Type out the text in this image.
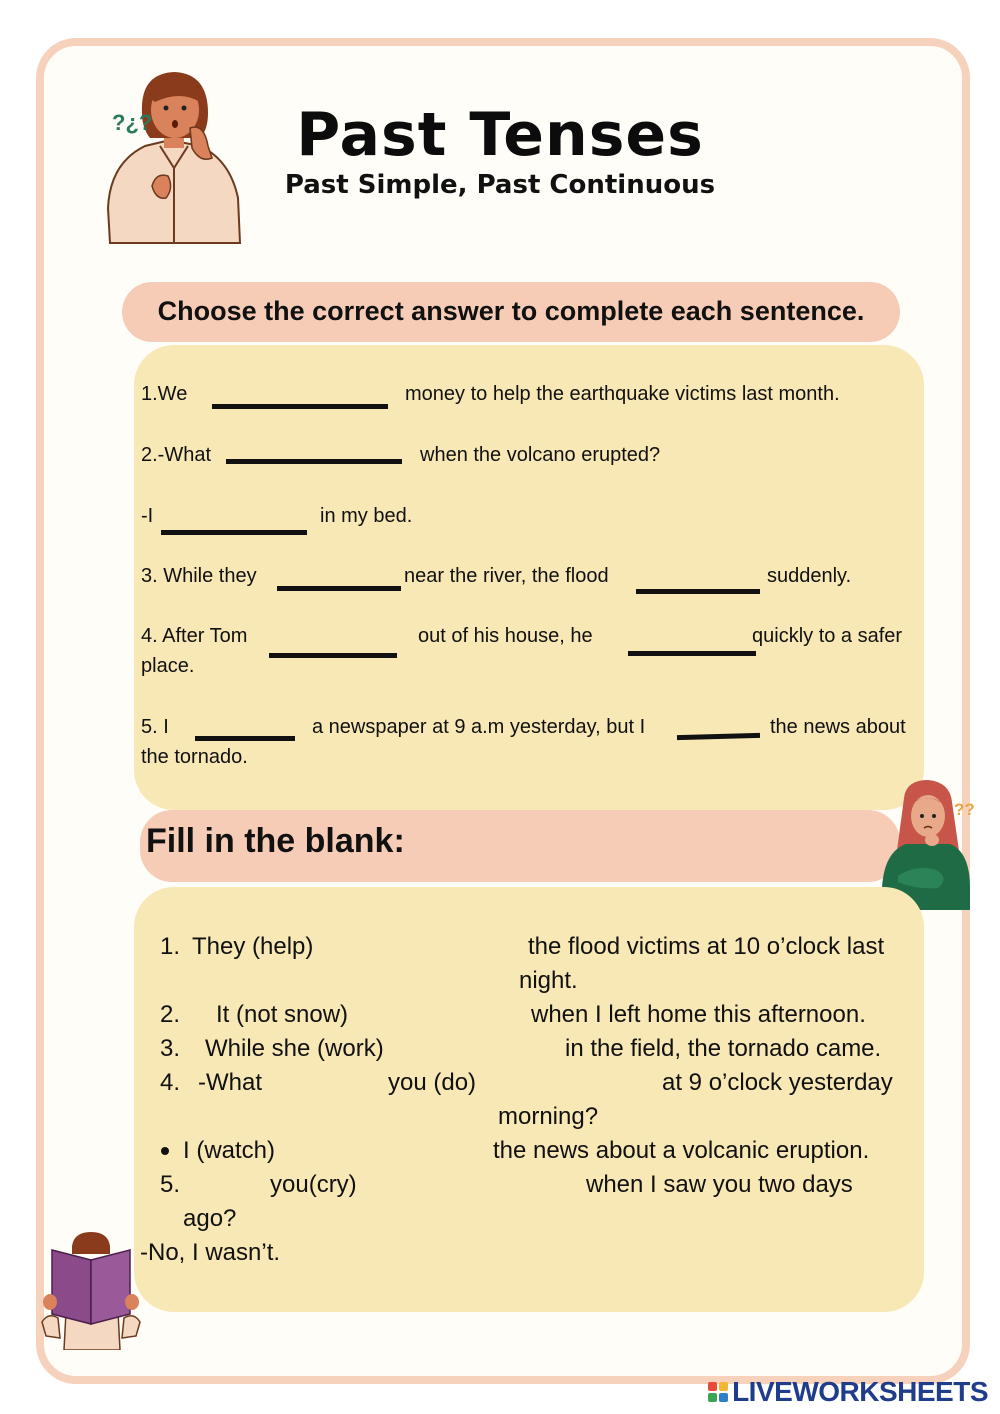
?¿?	Past Tenses
Past Simple, Past Continuous
Choose the correct answer to complete each sentence.
1.We	money to help the earthquake victims last month.
2.-What	when the volcano erupted?
-I	in my bed.
3. While they	near the river, the flood	suddenly.
4. After Tom	out of his house, he	quickly to a safer
place.
5. I	a newspaper at 9 a.m yesterday, but I	the news about
the tornado.
Fill in the blank:
??
1. They (help)	the flood victims at 10 o’clock last
night.
2. It (not snow)	when I left home this afternoon.
3. While she (work)	in the field, the tornado came.
4. -What	you (do)	at 9 o’clock yesterday
morning?
I (watch)	the news about a volcanic eruption.
5.	you(cry)	when I saw you two days
ago?
-No, I wasn’t.
LIVEWORKSHEETS
